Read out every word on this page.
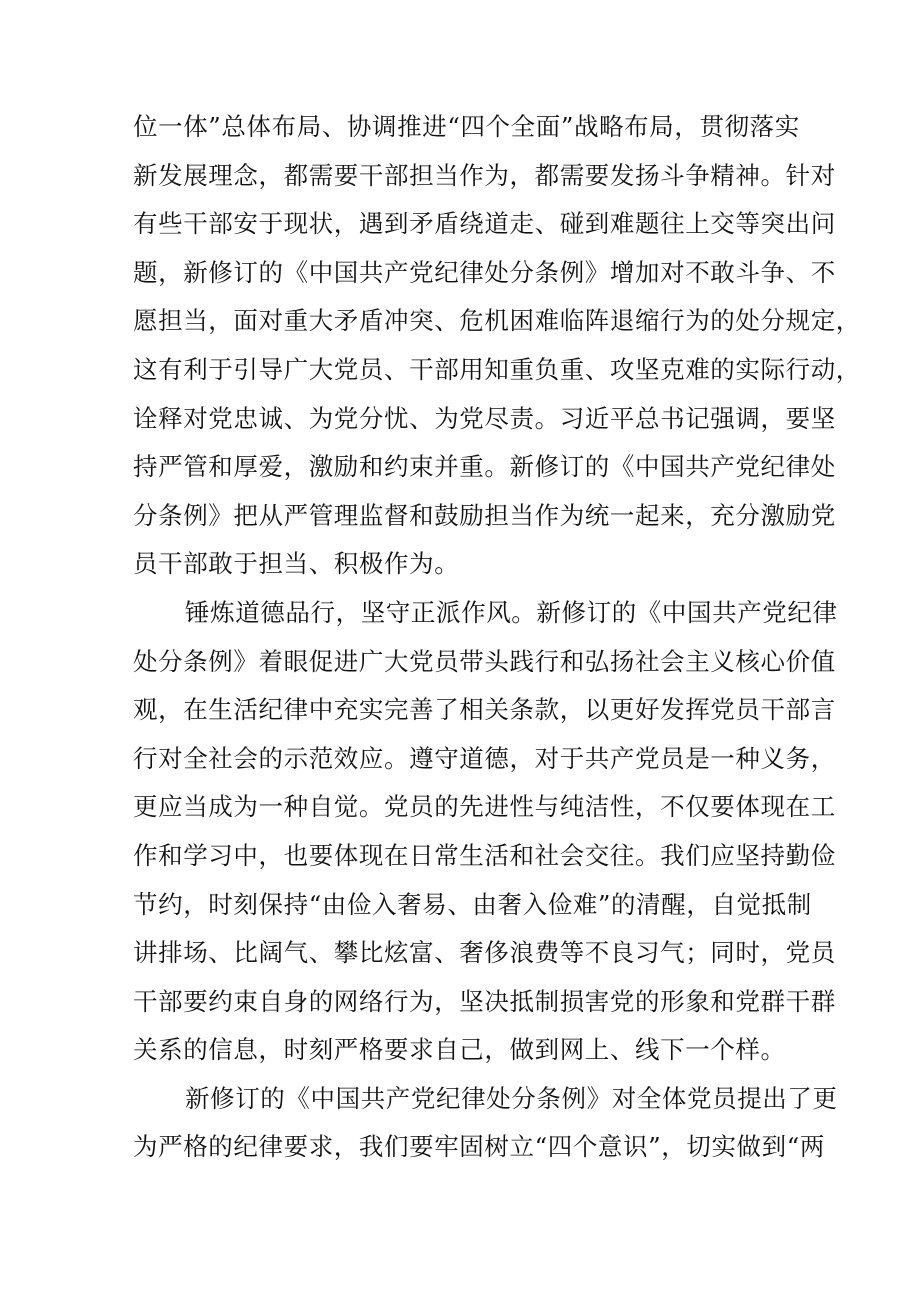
位一体”总体布局、协调推进“四个全面”战略布局，贯彻落实
新发展理念，都需要干部担当作为，都需要发扬斗争精神。针对
有些干部安于现状，遇到矛盾绕道走、碰到难题往上交等突出问
题，新修订的《中国共产党纪律处分条例》增加对不敢斗争、不
愿担当，面对重大矛盾冲突、危机困难临阵退缩行为的处分规定，
这有利于引导广大党员、干部用知重负重、攻坚克难的实际行动，
诠释对党忠诚、为党分忧、为党尽责。习近平总书记强调，要坚
持严管和厚爱，激励和约束并重。新修订的《中国共产党纪律处
分条例》把从严管理监督和鼓励担当作为统一起来，充分激励党
员干部敢于担当、积极作为。
锤炼道德品行，坚守正派作风。新修订的《中国共产党纪律
处分条例》着眼促进广大党员带头践行和弘扬社会主义核心价值
观，在生活纪律中充实完善了相关条款，以更好发挥党员干部言
行对全社会的示范效应。遵守道德，对于共产党员是一种义务，
更应当成为一种自觉。党员的先进性与纯洁性，不仅要体现在工
作和学习中，也要体现在日常生活和社会交往。我们应坚持勤俭
节约，时刻保持“由俭入奢易、由奢入俭难”的清醒，自觉抵制
讲排场、比阔气、攀比炫富、奢侈浪费等不良习气；同时，党员
干部要约束自身的网络行为，坚决抵制损害党的形象和党群干群
关系的信息，时刻严格要求自己，做到网上、线下一个样。
新修订的《中国共产党纪律处分条例》对全体党员提出了更
为严格的纪律要求，我们要牢固树立“四个意识”，切实做到“两
